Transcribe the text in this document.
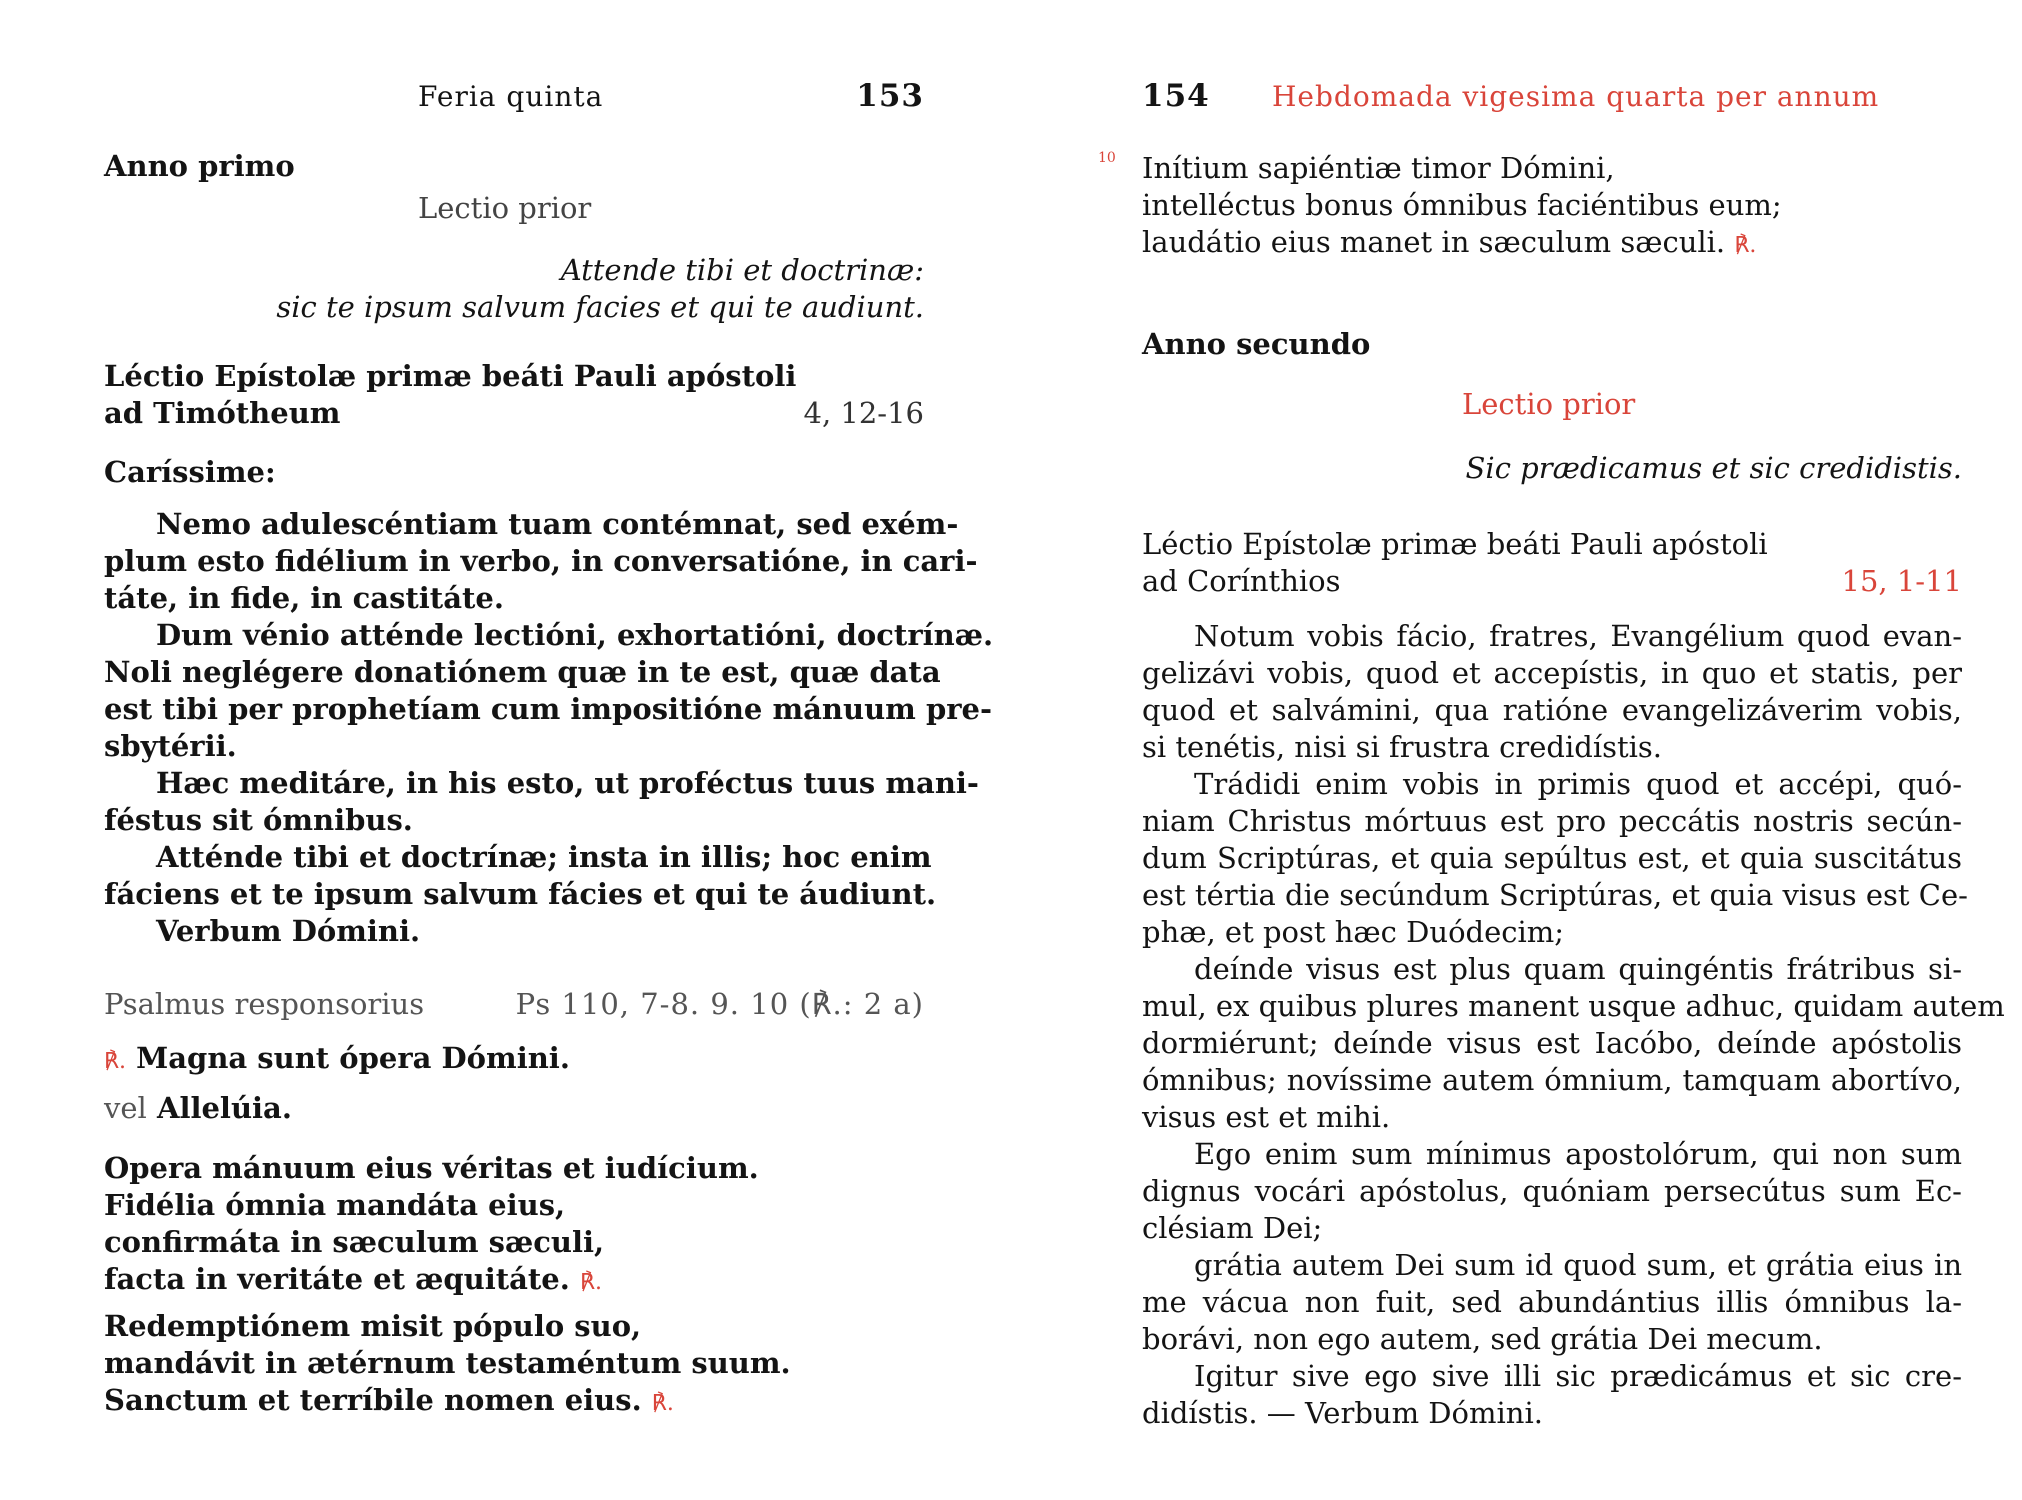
Feria quinta	153
Anno primo
Lectio prior
Attende tibi et doctrinæ:
sic te ipsum salvum facies et qui te audiunt.
Léctio Epístolæ primæ beáti Pauli apóstoli
ad Timótheum	4, 12-16
Caríssime:
Nemo adulescéntiam tuam contémnat, sed exém-
plum esto fidélium in verbo, in conversatióne, in cari-
táte, in fide, in castitáte.
Dum vénio atténde lectióni, exhortatióni, doctrínæ.
Noli neglégere donatiónem quæ in te est, quæ data
est tibi per prophetíam cum impositióne mánuum pre-
sbytérii.
Hæc meditáre, in his esto, ut proféctus tuus mani-
féstus sit ómnibus.
Atténde tibi et doctrínæ; insta in illis; hoc enim
fáciens et te ipsum salvum fácies et qui te áudiunt.
Verbum Dómini.
Psalmus responsorius	Ps 110, 7-8. 9. 10 (℟.: 2 a)
℟. Magna sunt ópera Dómini.
vel Allelúia.
Opera mánuum eius véritas et iudícium.
Fidélia ómnia mandáta eius,
confirmáta in sæculum sæculi,
facta in veritáte et æquitáte. ℟.
Redemptiónem misit pópulo suo,
mandávit in ætérnum testaméntum suum.
Sanctum et terríbile nomen eius. ℟.
154 Hebdomada vigesima quarta per annum
10 Inítium sapiéntiæ timor Dómini,
intelléctus bonus ómnibus faciéntibus eum;
laudátio eius manet in sæculum sæculi. ℟.
Anno secundo
Lectio prior
Sic prædicamus et sic credidistis.
Léctio Epístolæ primæ beáti Pauli apóstoli
ad Corínthios	15, 1-11
Notum vobis fácio, fratres, Evangélium quod evan-
gelizávi vobis, quod et accepístis, in quo et statis, per
quod et salvámini, qua ratióne evangelizáverim vobis,
si tenétis, nisi si frustra credidístis.
Trádidi enim vobis in primis quod et accépi, quó-
niam Christus mórtuus est pro peccátis nostris secún-
dum Scriptúras, et quia sepúltus est, et quia suscitátus
est tértia die secúndum Scriptúras, et quia visus est Ce-
phæ, et post hæc Duódecim;
deínde visus est plus quam quingéntis frátribus si-
mul, ex quibus plures manent usque adhuc, quidam autem
dormiérunt; deínde visus est Iacóbo, deínde apóstolis
ómnibus; novíssime autem ómnium, tamquam abortívo,
visus est et mihi.
Ego enim sum mínimus apostolórum, qui non sum
dignus vocári apóstolus, quóniam persecútus sum Ec-
clésiam Dei;
grátia autem Dei sum id quod sum, et grátia eius in
me vácua non fuit, sed abundántius illis ómnibus la-
borávi, non ego autem, sed grátia Dei mecum.
Igitur sive ego sive illi sic prædicámus et sic cre-
didístis. — Verbum Dómini.
